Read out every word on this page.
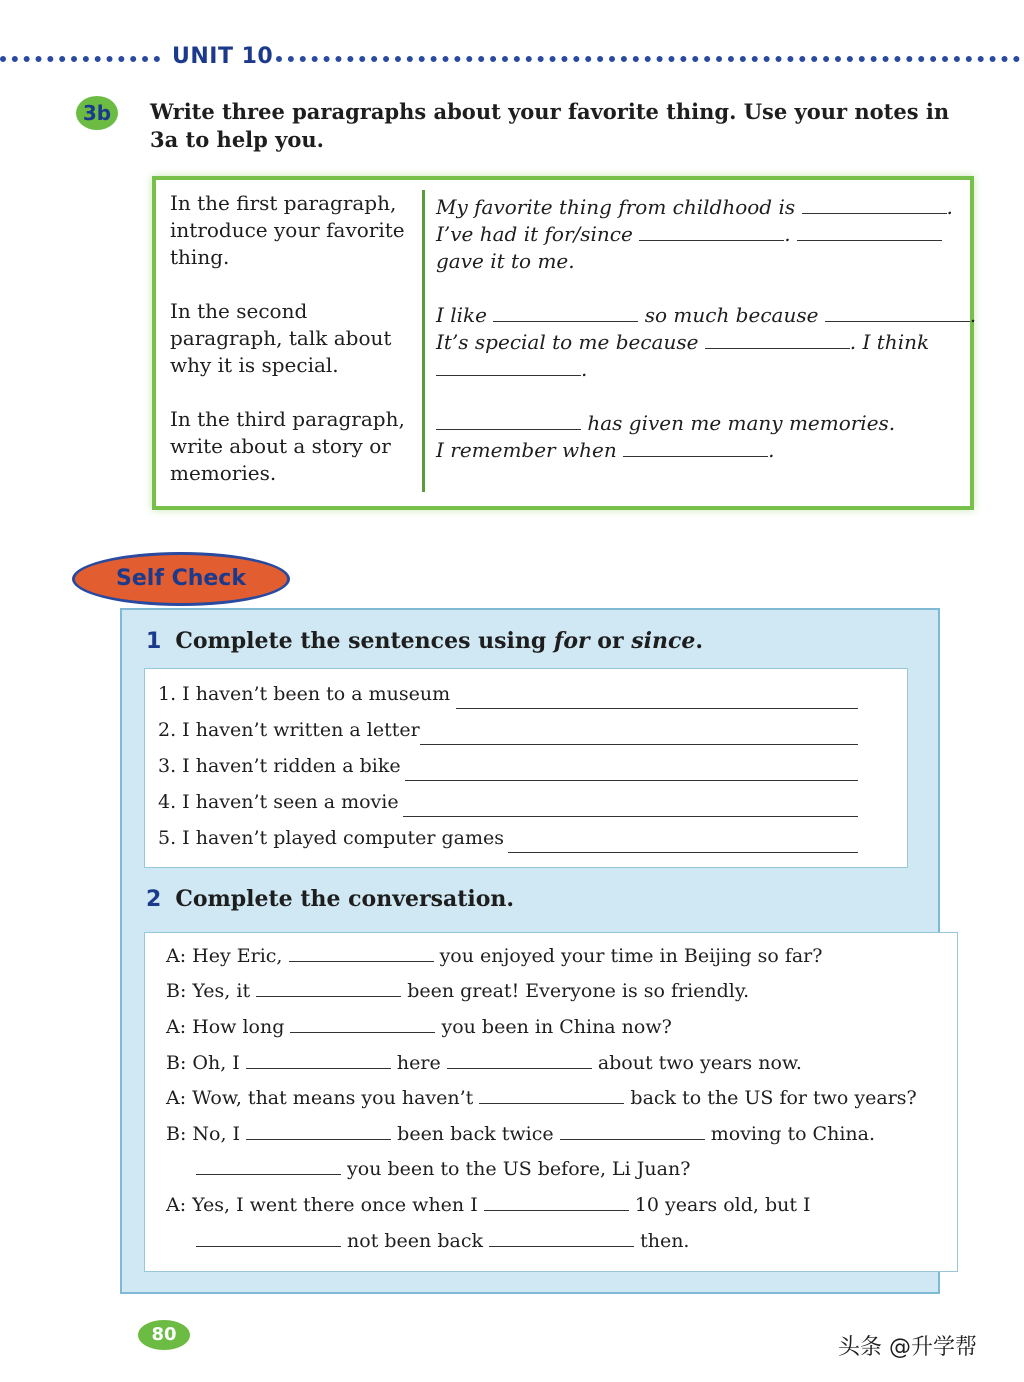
UNIT 10
3b	Write three paragraphs about your favorite thing. Use your notes in 3a to help you.
In the first paragraph, introduce your favorite thing.
In the second paragraph, talk about why it is special.
In the third paragraph, write about a story or memories.
My favorite thing from childhood is	.
I’ve had it for/since	.
gave it to me.
I like	so much because	.
It’s special to me because	. I think
.
has given me many memories.
I remember when	.
Self Check
1 Complete the sentences using for or since.
1. I haven’t been to a museum
2. I haven’t written a letter
3. I haven’t ridden a bike
4. I haven’t seen a movie
5. I haven’t played computer games
2 Complete the conversation.
A: Hey Eric,	you enjoyed your time in Beijing so far?
B: Yes, it	been great! Everyone is so friendly.
A: How long	you been in China now?
B: Oh, I	here	about two years now.
A: Wow, that means you haven’t	back to the US for two years?
B: No, I	been back twice	moving to China.
you been to the US before, Li Juan?
A: Yes, I went there once when I	10 years old, but I
not been back	then.
80
头条 @升学帮
